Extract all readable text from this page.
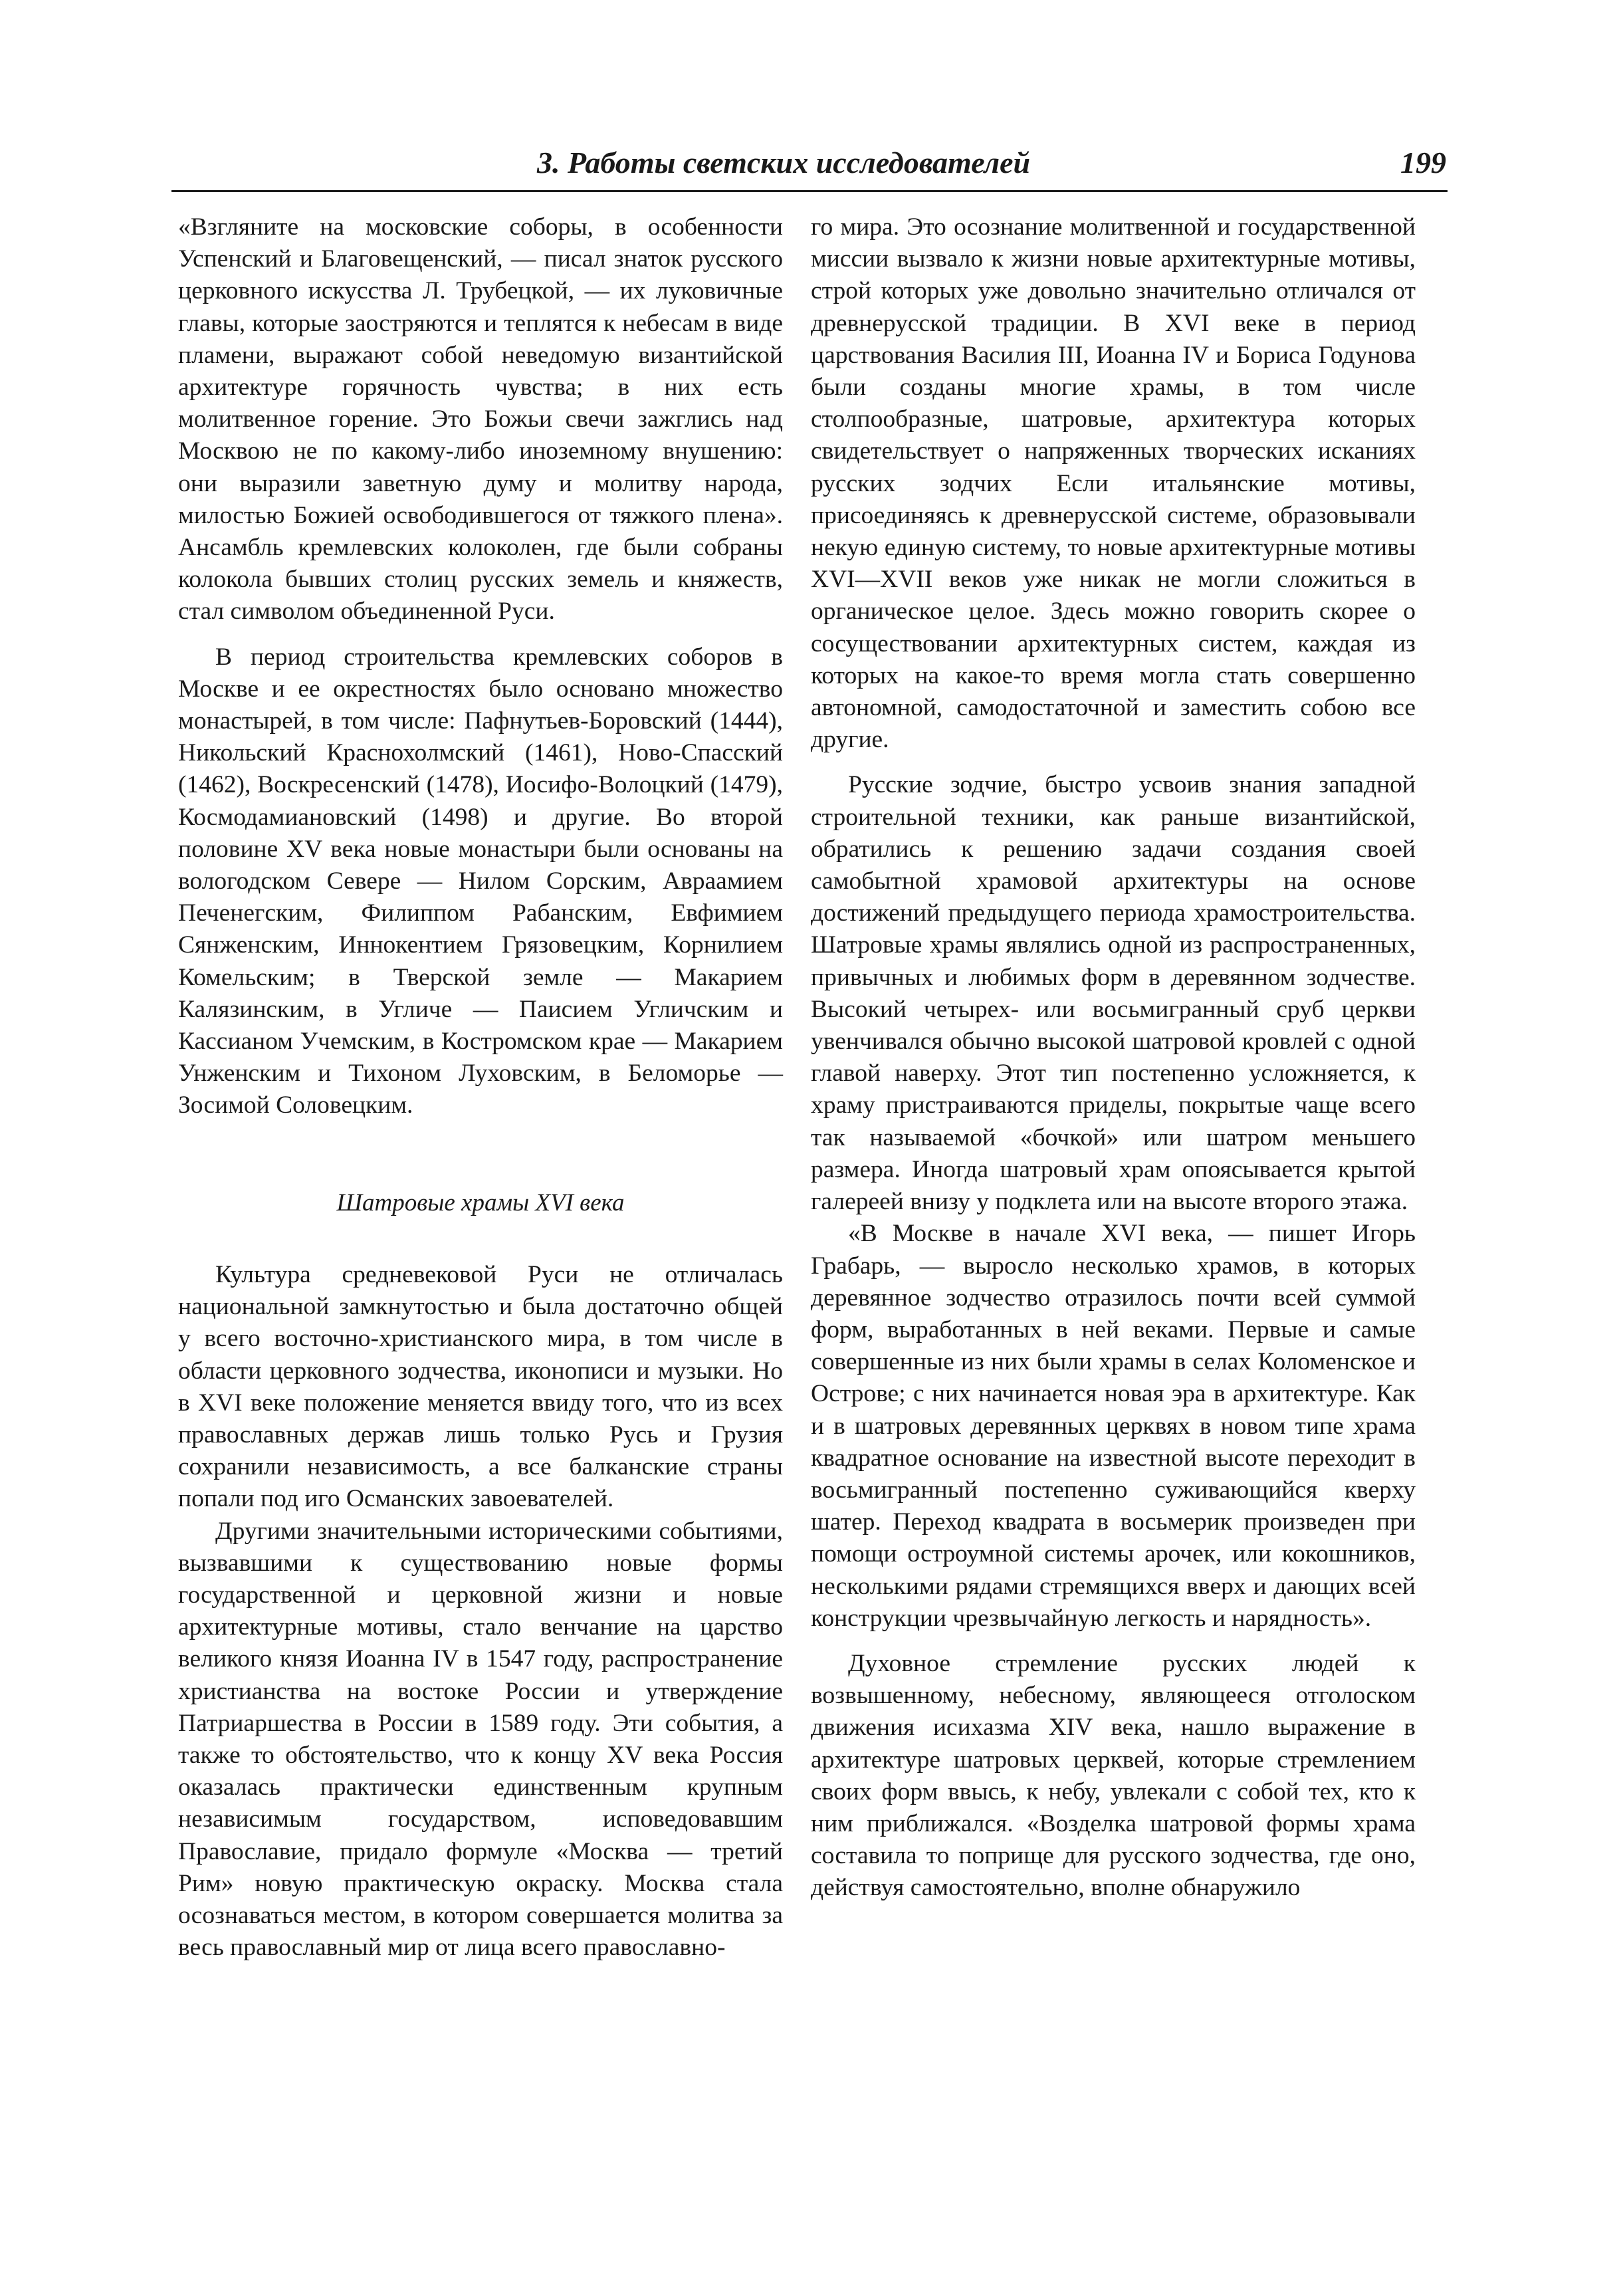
3. Работы светских исследователей	199

«Взгляните на московские соборы, в особенности Успенский и Благовещенский, — писал знаток русского церковного искусства Л. Трубецкой, — их луковичные главы, которые заостряются и теплятся к небесам в виде пламени, выражают собой неведомую византийской архитектуре горячность чувства; в них есть молитвенное горение. Это Божьи свечи зажглись над Москвою не по какому-либо иноземному внушению: они выразили заветную думу и молитву народа, милостью Божией освободившегося от тяжкого плена». Ансамбль кремлевских колоколен, где были собраны колокола бывших столиц русских земель и княжеств, стал символом объединенной Руси.

В период строительства кремлевских соборов в Москве и ее окрестностях было основано множество монастырей, в том числе: Пафнутьев-Боровский (1444), Никольский Краснохолмский (1461), Ново-Спасский (1462), Воскресенский (1478), Иосифо-Волоцкий (1479), Космодамиановский (1498) и другие. Во второй половине XV века новые монастыри были основаны на вологодском Севере — Нилом Сорским, Авраамием Печенегским, Филиппом Рабанским, Евфимием Сянженским, Иннокентием Грязовецким, Корнилием Комельским; в Тверской земле — Макарием Калязинским, в Угличе — Паисием Угличским и Кассианом Учемским, в Костромском крае — Макарием Унженским и Тихоном Луховским, в Беломорье — Зосимой Соловецким.

Шатровые храмы XVI века

Культура средневековой Руси не отличалась национальной замкнутостью и была достаточно общей у всего восточно-христианского мира, в том числе в области церковного зодчества, иконописи и музыки. Но в XVI веке положение меняется ввиду того, что из всех православных держав лишь только Русь и Грузия сохранили независимость, а все балканские страны попали под иго Османских завоевателей.

Другими значительными историческими событиями, вызвавшими к существованию новые формы государственной и церковной жизни и новые архитектурные мотивы, стало венчание на царство великого князя Иоанна IV в 1547 году, распространение христианства на востоке России и утверждение Патриаршества в России в 1589 году. Эти события, а также то обстоятельство, что к концу XV века Россия оказалась практически единственным крупным независимым государством, исповедовавшим Православие, придало формуле «Москва — третий Рим» новую практическую окраску. Москва стала осознаваться местом, в котором совершается молитва за весь православный мир от лица всего православно-

го мира. Это осознание молитвенной и государственной миссии вызвало к жизни новые архитектурные мотивы, строй которых уже довольно значительно отличался от древнерусской традиции. В XVI веке в период царствования Василия III, Иоанна IV и Бориса Годунова были созданы многие храмы, в том числе столпообразные, шатровые, архитектура которых свидетельствует о напряженных творческих исканиях русских зодчих Если итальянские мотивы, присоединяясь к древнерусской системе, образовывали некую единую систему, то новые архитектурные мотивы XVI—XVII веков уже никак не могли сложиться в органическое целое. Здесь можно говорить скорее о сосуществовании архитектурных систем, каждая из которых на какое-то время могла стать совершенно автономной, самодостаточной и заместить собою все другие.

Русские зодчие, быстро усвоив знания западной строительной техники, как раньше византийской, обратились к решению задачи создания своей самобытной храмовой архитектуры на основе достижений предыдущего периода храмостроительства. Шатровые храмы являлись одной из распространенных, привычных и любимых форм в деревянном зодчестве. Высокий четырех- или восьмигранный сруб церкви увенчивался обычно высокой шатровой кровлей с одной главой наверху. Этот тип постепенно усложняется, к храму пристраиваются приделы, покрытые чаще всего так называемой «бочкой» или шатром меньшего размера. Иногда шатровый храм опоясывается крытой галереей внизу у подклета или на высоте второго этажа.

«В Москве в начале XVI века, — пишет Игорь Грабарь, — выросло несколько храмов, в которых деревянное зодчество отразилось почти всей суммой форм, выработанных в ней веками. Первые и самые совершенные из них были храмы в селах Коломенское и Острове; с них начинается новая эра в архитектуре. Как и в шатровых деревянных церквях в новом типе храма квадратное основание на известной высоте переходит в восьмигранный постепенно суживающийся кверху шатер. Переход квадрата в восьмерик произведен при помощи остроумной системы арочек, или кокошников, несколькими рядами стремящихся вверх и дающих всей конструкции чрезвычайную легкость и нарядность».

Духовное стремление русских людей к возвышенному, небесному, являющееся отголоском движения исихазма XIV века, нашло выражение в архитектуре шатровых церквей, которые стремлением своих форм ввысь, к небу, увлекали с собой тех, кто к ним приближался. «Возделка шатровой формы храма составила то поприще для русского зодчества, где оно, действуя самостоятельно, вполне обнаружило
